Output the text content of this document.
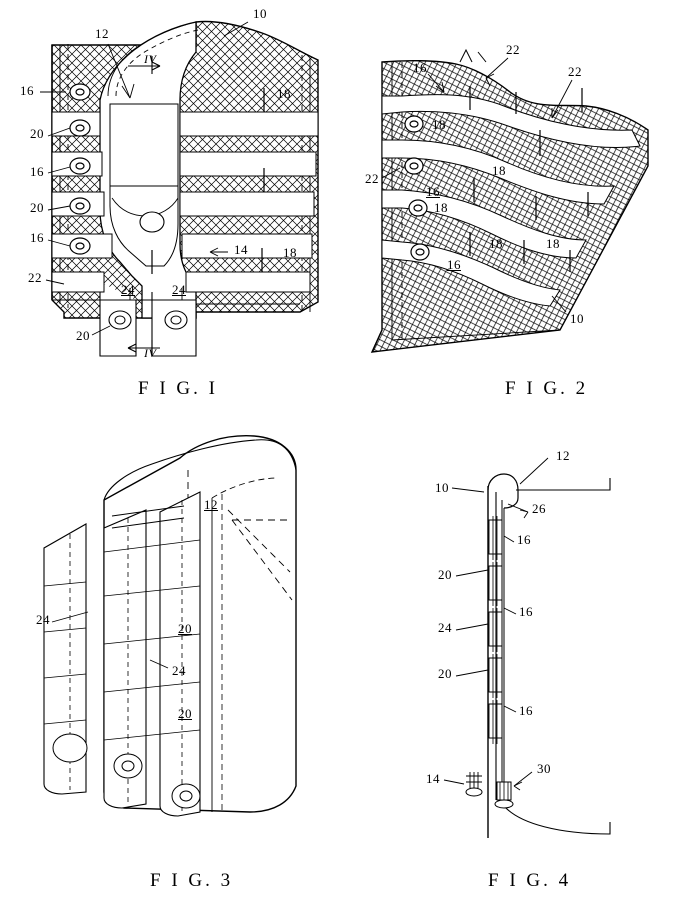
10
12
16	18
20
16
20
16
14	18
22
24	24
20
IV
IV
F I G. I
16
22
22
18
18
22
16
18
18	18
16
10
F I G. 2
12
24
20
24
20
F I G. 3
12
10
26
16
20
16
24
20
16
14
30
F I G. 4
